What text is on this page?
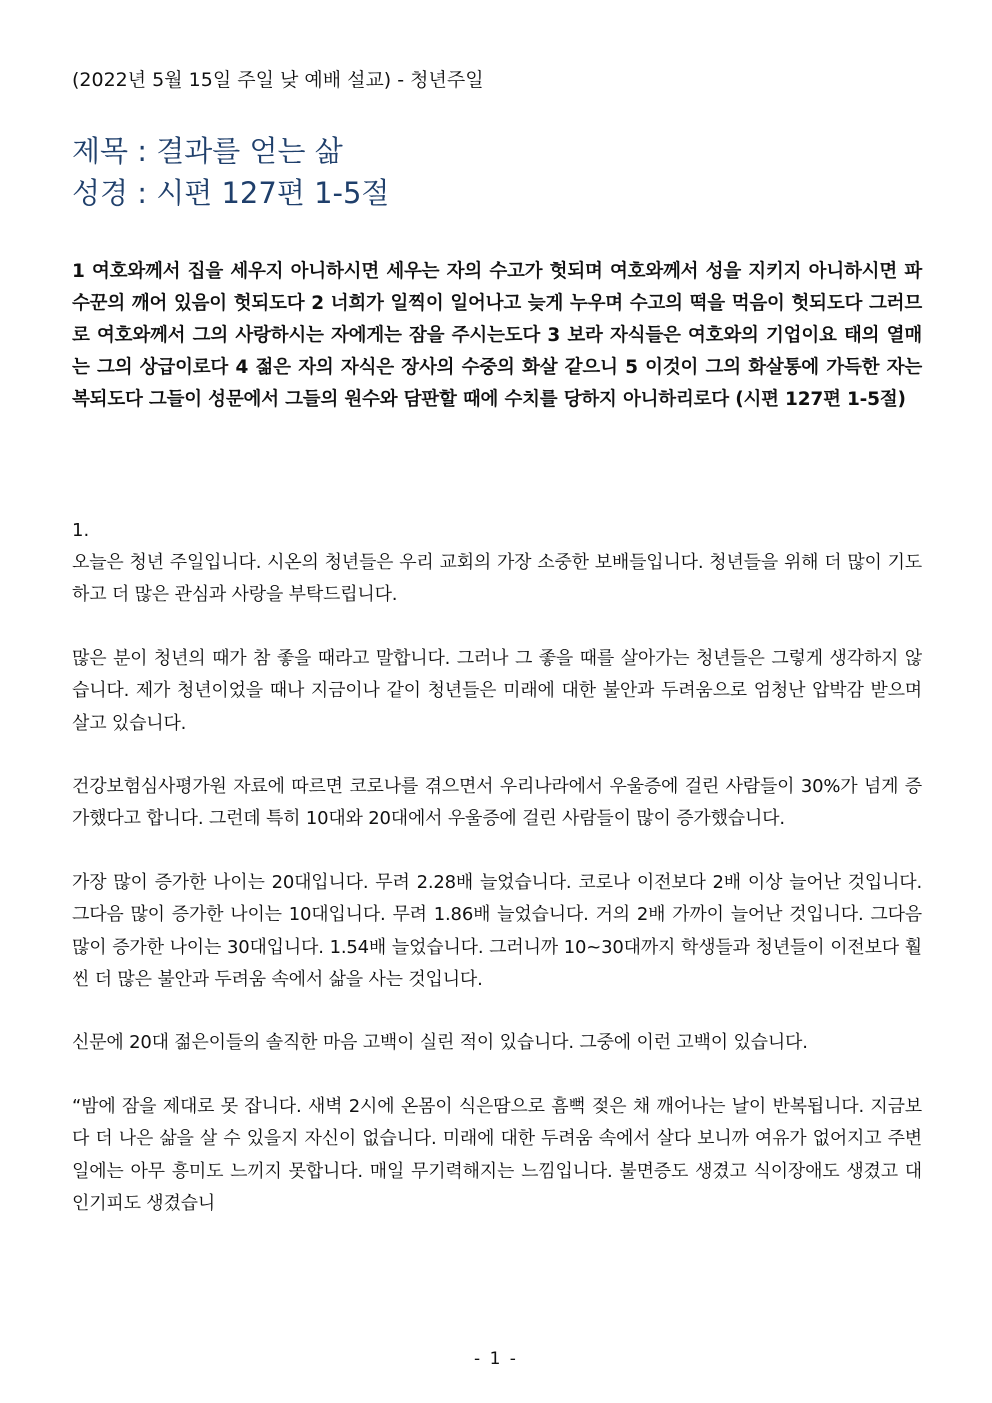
(2022년 5월 15일 주일 낮 예배 설교) - 청년주일
제목 : 결과를 얻는 삶
성경 : 시편 127편 1-5절
1 여호와께서 집을 세우지 아니하시면 세우는 자의 수고가 헛되며 여호와께서 성을 지키지 아니하시면 파수꾼의 깨어 있음이 헛되도다 2 너희가 일찍이 일어나고 늦게 누우며 수고의 떡을 먹음이 헛되도다 그러므로 여호와께서 그의 사랑하시는 자에게는 잠을 주시는도다 3 보라 자식들은 여호와의 기업이요 태의 열매는 그의 상급이로다 4 젊은 자의 자식은 장사의 수중의 화살 같으니 5 이것이 그의 화살통에 가득한 자는 복되도다 그들이 성문에서 그들의 원수와 담판할 때에 수치를 당하지 아니하리로다 (시편 127편 1-5절)
1.

오늘은 청년 주일입니다. 시온의 청년들은 우리 교회의 가장 소중한 보배들입니다. 청년들을 위해 더 많이 기도하고 더 많은 관심과 사랑을 부탁드립니다.

많은 분이 청년의 때가 참 좋을 때라고 말합니다. 그러나 그 좋을 때를 살아가는 청년들은 그렇게 생각하지 않습니다. 제가 청년이었을 때나 지금이나 같이 청년들은 미래에 대한 불안과 두려움으로 엄청난 압박감 받으며 살고 있습니다.

건강보험심사평가원 자료에 따르면 코로나를 겪으면서 우리나라에서 우울증에 걸린 사람들이 30%가 넘게 증가했다고 합니다. 그런데 특히 10대와 20대에서 우울증에 걸린 사람들이 많이 증가했습니다.

가장 많이 증가한 나이는 20대입니다. 무려 2.28배 늘었습니다. 코로나 이전보다 2배 이상 늘어난 것입니다. 그다음 많이 증가한 나이는 10대입니다. 무려 1.86배 늘었습니다. 거의 2배 가까이 늘어난 것입니다. 그다음 많이 증가한 나이는 30대입니다. 1.54배 늘었습니다. 그러니까 10~30대까지 학생들과 청년들이 이전보다 훨씬 더 많은 불안과 두려움 속에서 삶을 사는 것입니다.

신문에 20대 젊은이들의 솔직한 마음 고백이 실린 적이 있습니다. 그중에 이런 고백이 있습니다.

“밤에 잠을 제대로 못 잡니다. 새벽 2시에 온몸이 식은땀으로 흠뻑 젖은 채 깨어나는 날이 반복됩니다. 지금보다 더 나은 삶을 살 수 있을지 자신이 없습니다. 미래에 대한 두려움 속에서 살다 보니까 여유가 없어지고 주변 일에는 아무 흥미도 느끼지 못합니다. 매일 무기력해지는 느낌입니다. 불면증도 생겼고 식이장애도 생겼고 대인기피도 생겼습니

- 1 -
